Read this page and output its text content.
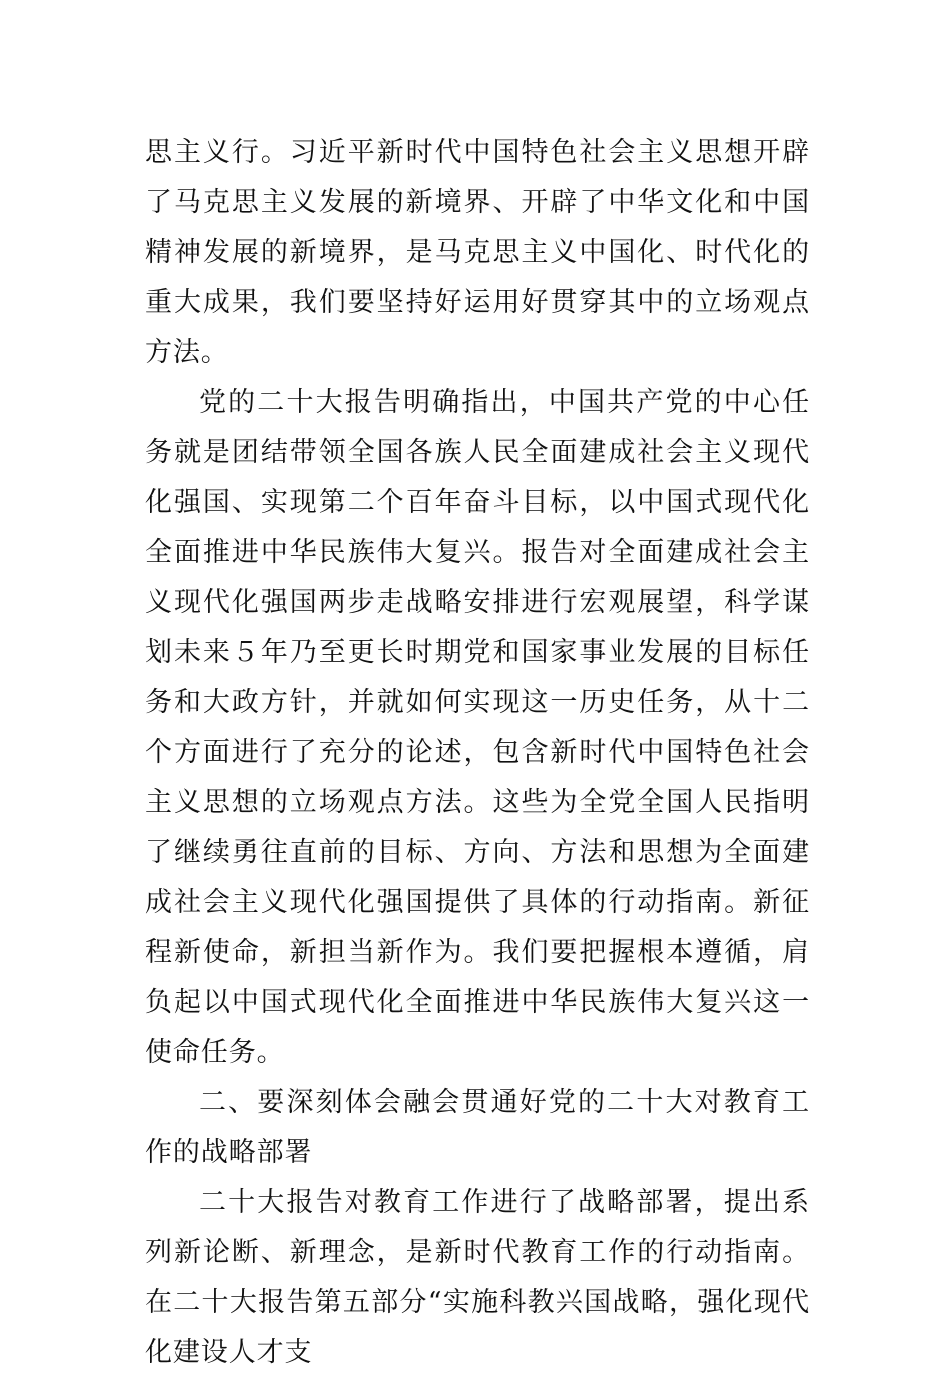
思主义行。习近平新时代中国特色社会主义思想开辟了马克思主义发展的新境界、开辟了中华文化和中国精神发展的新境界，是马克思主义中国化、时代化的重大成果，我们要坚持好运用好贯穿其中的立场观点方法。

党的二十大报告明确指出，中国共产党的中心任务就是团结带领全国各族人民全面建成社会主义现代化强国、实现第二个百年奋斗目标，以中国式现代化全面推进中华民族伟大复兴。报告对全面建成社会主义现代化强国两步走战略安排进行宏观展望，科学谋划未来５年乃至更长时期党和国家事业发展的目标任务和大政方针，并就如何实现这一历史任务，从十二个方面进行了充分的论述，包含新时代中国特色社会主义思想的立场观点方法。这些为全党全国人民指明了继续勇往直前的目标、方向、方法和思想为全面建成社会主义现代化强国提供了具体的行动指南。新征程新使命，新担当新作为。我们要把握根本遵循，肩负起以中国式现代化全面推进中华民族伟大复兴这一使命任务。

二、要深刻体会融会贯通好党的二十大对教育工作的战略部署

二十大报告对教育工作进行了战略部署，提出系列新论断、新理念，是新时代教育工作的行动指南。在二十大报告第五部分“实施科教兴国战略，强化现代化建设人才支
